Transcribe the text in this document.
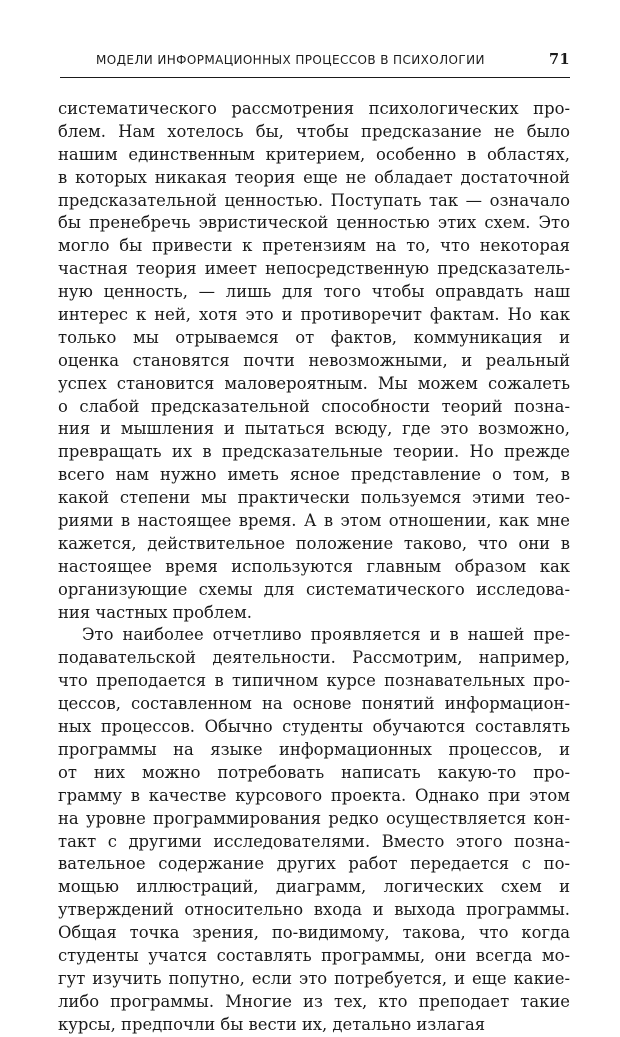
МОДЕЛИ ИНФОРМАЦИОННЫХ ПРОЦЕССОВ В ПСИХОЛОГИИ	71
систематического рассмотрения психологических про-
блем. Нам хотелось бы, чтобы предсказание не было
нашим единственным критерием, особенно в областях,
в которых никакая теория еще не обладает достаточной
предсказательной ценностью. Поступать так — означало
бы пренебречь эвристической ценностью этих схем. Это
могло бы привести к претензиям на то, что некоторая
частная теория имеет непосредственную предсказатель-
ную ценность, — лишь для того чтобы оправдать наш
интерес к ней, хотя это и противоречит фактам. Но как
только мы отрываемся от фактов, коммуникация и
оценка становятся почти невозможными, и реальный
успех становится маловероятным. Мы можем сожалеть
о слабой предсказательной способности теорий позна-
ния и мышления и пытаться всюду, где это возможно,
превращать их в предсказательные теории. Но прежде
всего нам нужно иметь ясное представление о том, в
какой степени мы практически пользуемся этими тео-
риями в настоящее время. А в этом отношении, как мне
кажется, действительное положение таково, что они в
настоящее время используются главным образом как
организующие схемы для систематического исследова-
ния частных проблем.
Это наиболее отчетливо проявляется и в нашей пре-
подавательской деятельности. Рассмотрим, например,
что преподается в типичном курсе познавательных про-
цессов, составленном на основе понятий информацион-
ных процессов. Обычно студенты обучаются составлять
программы на языке информационных процессов, и
от них можно потребовать написать какую-то про-
грамму в качестве курсового проекта. Однако при этом
на уровне программирования редко осуществляется кон-
такт с другими исследователями. Вместо этого позна-
вательное содержание других работ передается с по-
мощью иллюстраций, диаграмм, логических схем и
утверждений относительно входа и выхода программы.
Общая точка зрения, по-видимому, такова, что когда
студенты учатся составлять программы, они всегда мо-
гут изучить попутно, если это потребуется, и еще какие-
либо программы. Многие из тех, кто преподает такие
курсы, предпочли бы вести их, детально излагая
